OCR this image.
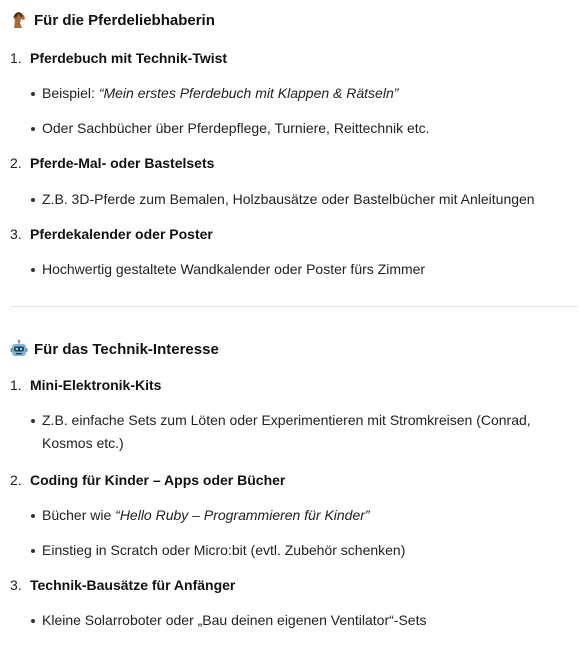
Für die Pferdeliebhaberin
1. Pferdebuch mit Technik-Twist
Beispiel: “Mein erstes Pferdebuch mit Klappen & Rätseln”
Oder Sachbücher über Pferdepflege, Turniere, Reittechnik etc.
2. Pferde-Mal- oder Bastelsets
Z.B. 3D-Pferde zum Bemalen, Holzbausätze oder Bastelbücher mit Anleitungen
3. Pferdekalender oder Poster
Hochwertig gestaltete Wandkalender oder Poster fürs Zimmer
Für das Technik-Interesse
1. Mini-Elektronik-Kits
Z.B. einfache Sets zum Löten oder Experimentieren mit Stromkreisen (Conrad, Kosmos etc.)
2. Coding für Kinder – Apps oder Bücher
Bücher wie “Hello Ruby – Programmieren für Kinder”
Einstieg in Scratch oder Micro:bit (evtl. Zubehör schenken)
3. Technik-Bausätze für Anfänger
Kleine Solarroboter oder „Bau deinen eigenen Ventilator“-Sets
